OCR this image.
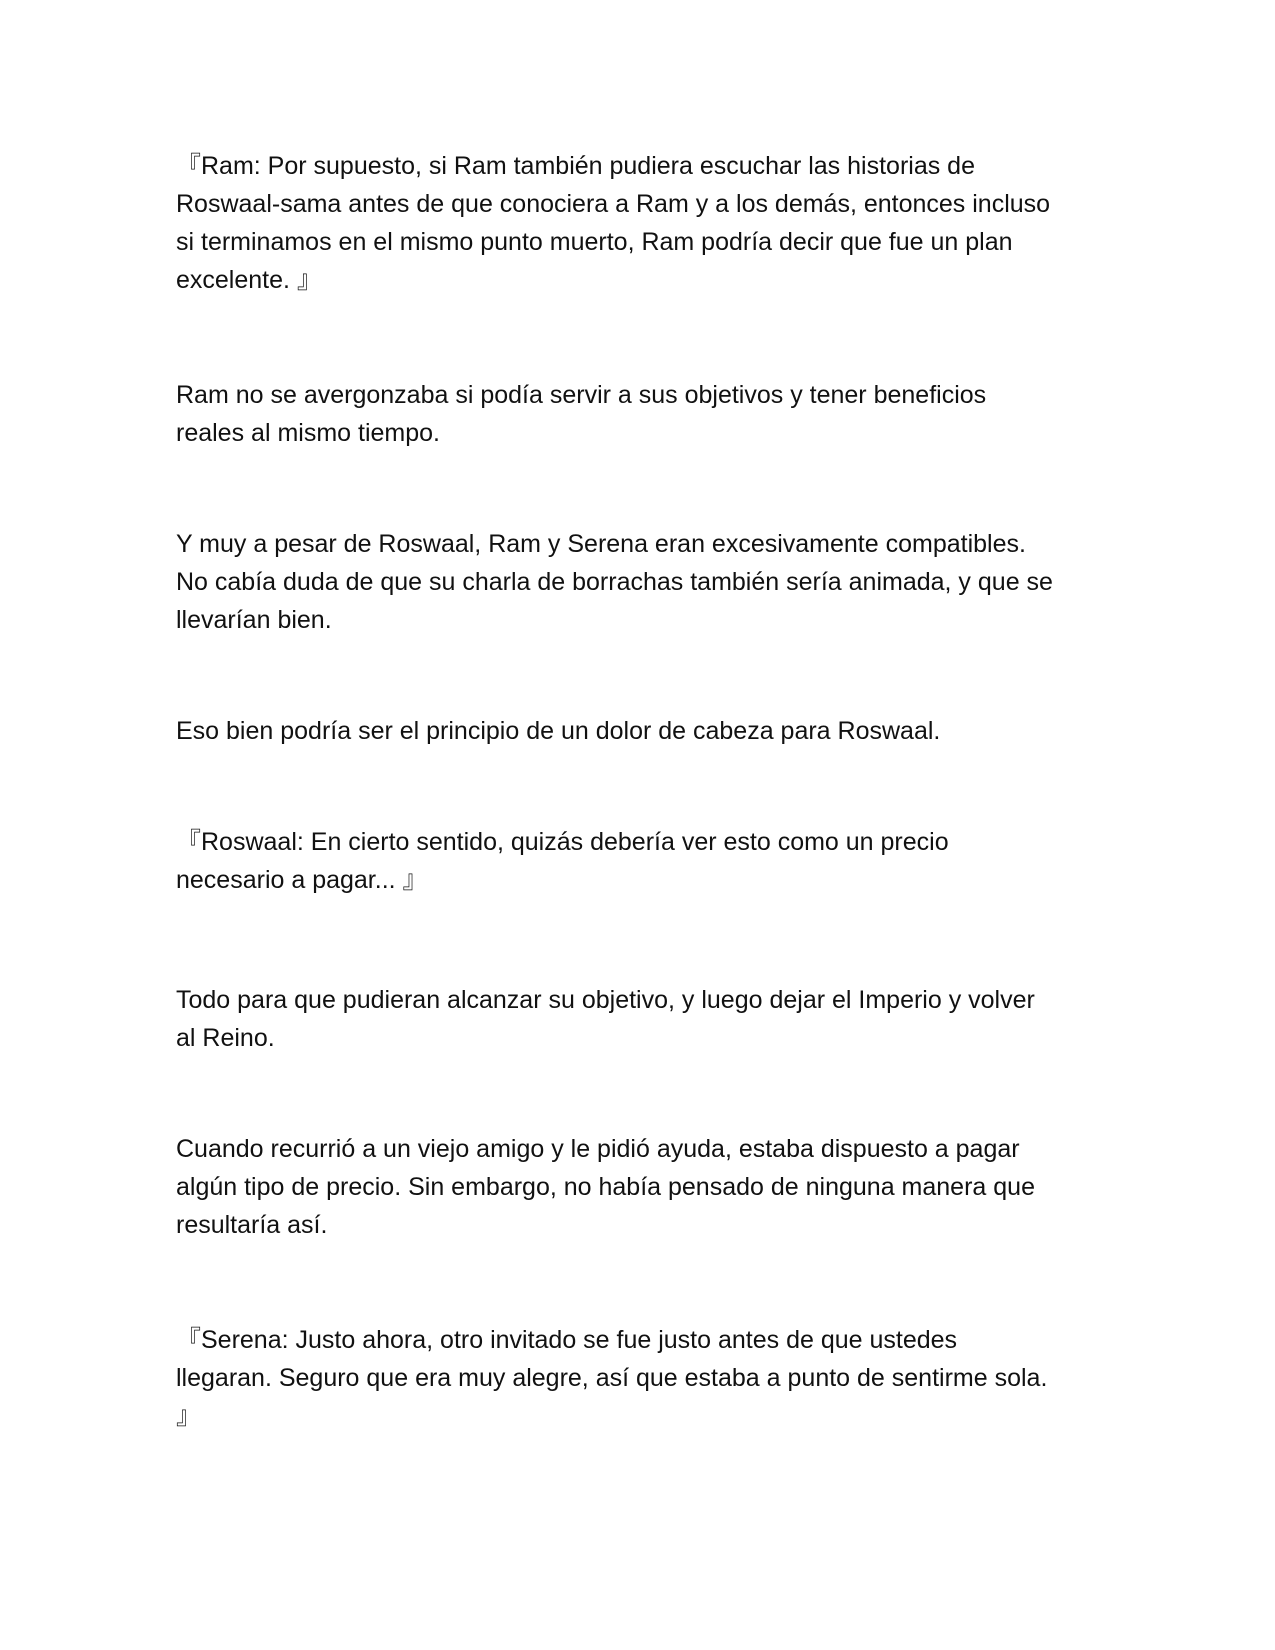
『Ram: Por supuesto, si Ram también pudiera escuchar las historias de
Roswaal-sama antes de que conociera a Ram y a los demás, entonces incluso
si terminamos en el mismo punto muerto, Ram podría decir que fue un plan
excelente. 』

Ram no se avergonzaba si podía servir a sus objetivos y tener beneficios
reales al mismo tiempo.

Y muy a pesar de Roswaal, Ram y Serena eran excesivamente compatibles.
No cabía duda de que su charla de borrachas también sería animada, y que se
llevarían bien.

Eso bien podría ser el principio de un dolor de cabeza para Roswaal.

『Roswaal: En cierto sentido, quizás debería ver esto como un precio
necesario a pagar... 』

Todo para que pudieran alcanzar su objetivo, y luego dejar el Imperio y volver
al Reino.

Cuando recurrió a un viejo amigo y le pidió ayuda, estaba dispuesto a pagar
algún tipo de precio. Sin embargo, no había pensado de ninguna manera que
resultaría así.

『Serena: Justo ahora, otro invitado se fue justo antes de que ustedes
llegaran. Seguro que era muy alegre, así que estaba a punto de sentirme sola.
』
